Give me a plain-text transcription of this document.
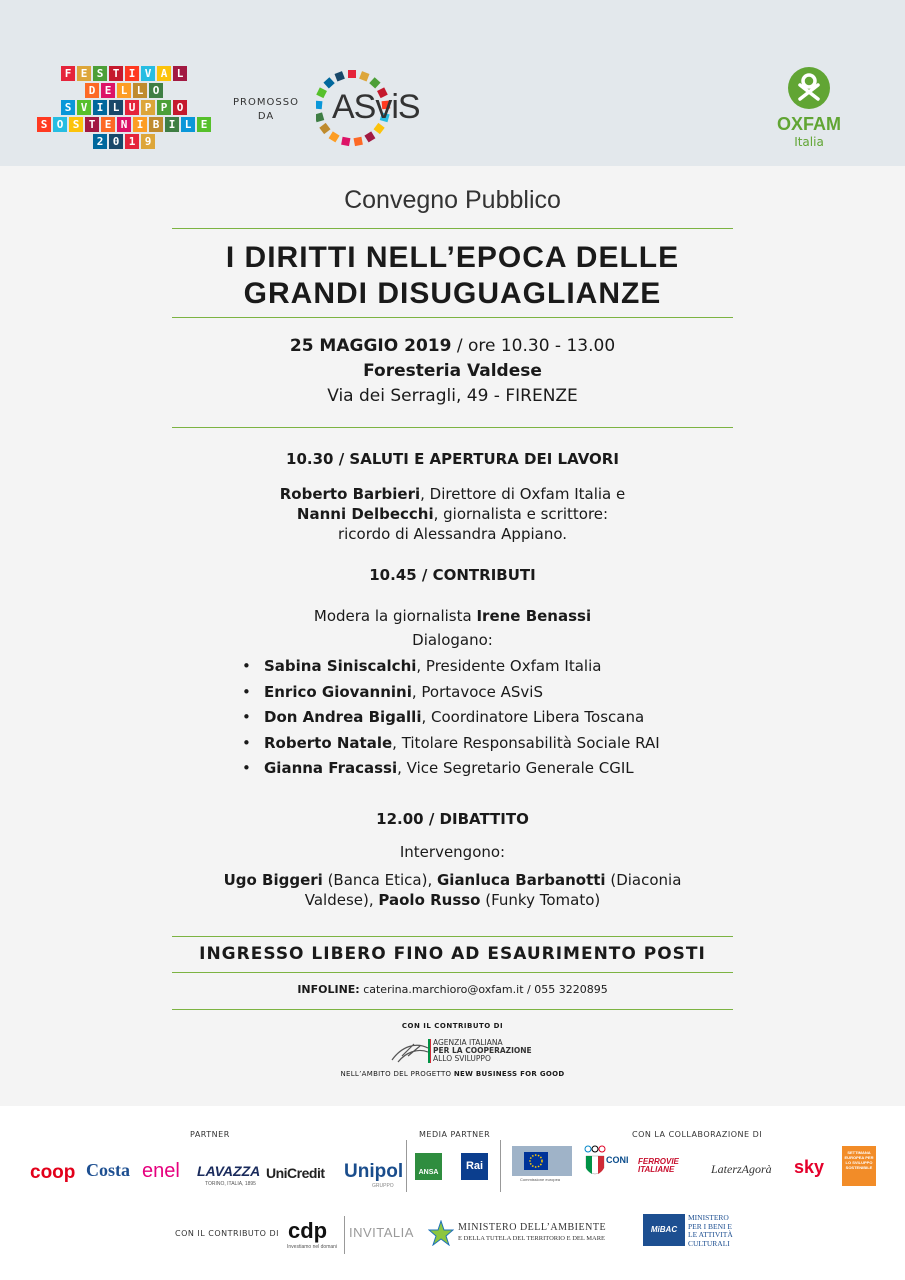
F E S T I V A L
D E L L O
S V I L U P P O
S O S T E N I B I L E
2 0 1 9
PROMOSSO
DA	ASviS	OXFAM
Italia
Convegno Pubblico
I DIRITTI NELL’EPOCA DELLE
GRANDI DISUGUAGLIANZE
25 MAGGIO 2019 / ore 10.30 - 13.00
Foresteria Valdese
Via dei Serragli, 49 - FIRENZE
10.30 / SALUTI E APERTURA DEI LAVORI
Roberto Barbieri, Direttore di Oxfam Italia e
Nanni Delbecchi, giornalista e scrittore:
ricordo di Alessandra Appiano.
10.45 / CONTRIBUTI
Modera la giornalista Irene Benassi
Dialogano:
• Sabina Siniscalchi, Presidente Oxfam Italia
• Enrico Giovannini, Portavoce ASviS
• Don Andrea Bigalli, Coordinatore Libera Toscana
• Roberto Natale, Titolare Responsabilità Sociale RAI
• Gianna Fracassi, Vice Segretario Generale CGIL
12.00 / DIBATTITO
Intervengono:
Ugo Biggeri (Banca Etica), Gianluca Barbanotti (Diaconia
Valdese), Paolo Russo (Funky Tomato)
INGRESSO LIBERO FINO AD ESAURIMENTO POSTI
INFOLINE: caterina.marchioro@oxfam.it / 055 3220895
CON IL CONTRIBUTO DI
AGENZIA ITALIANA
PER LA COOPERAZIONE
ALLO SVILUPPO
NELL’AMBITO DEL PROGETTO NEW BUSINESS FOR GOOD
PARTNER	MEDIA PARTNER	CON LA COLLABORAZIONE DI
coop Costa enel LAVAZZA
TORINO, ITALIA, 1895
UniCredit Unipol
GRUPPO
ANSA
Rai
Commissione europea
CONI FERROVIE ITALIANE	LaterzAgorà sky
SETTIMANA EUROPEA PER LO SVILUPPO SOSTENIBILE
CON IL CONTRIBUTO DI cdp
Investiamo nel domani
INVITALIA	MINISTERO DELL’AMBIENTE
E DELLA TUTELA DEL TERRITORIO E DEL MARE
MiBAC
MINISTERO
PER I BENI E
LE ATTIVITÀ
CULTURALI
